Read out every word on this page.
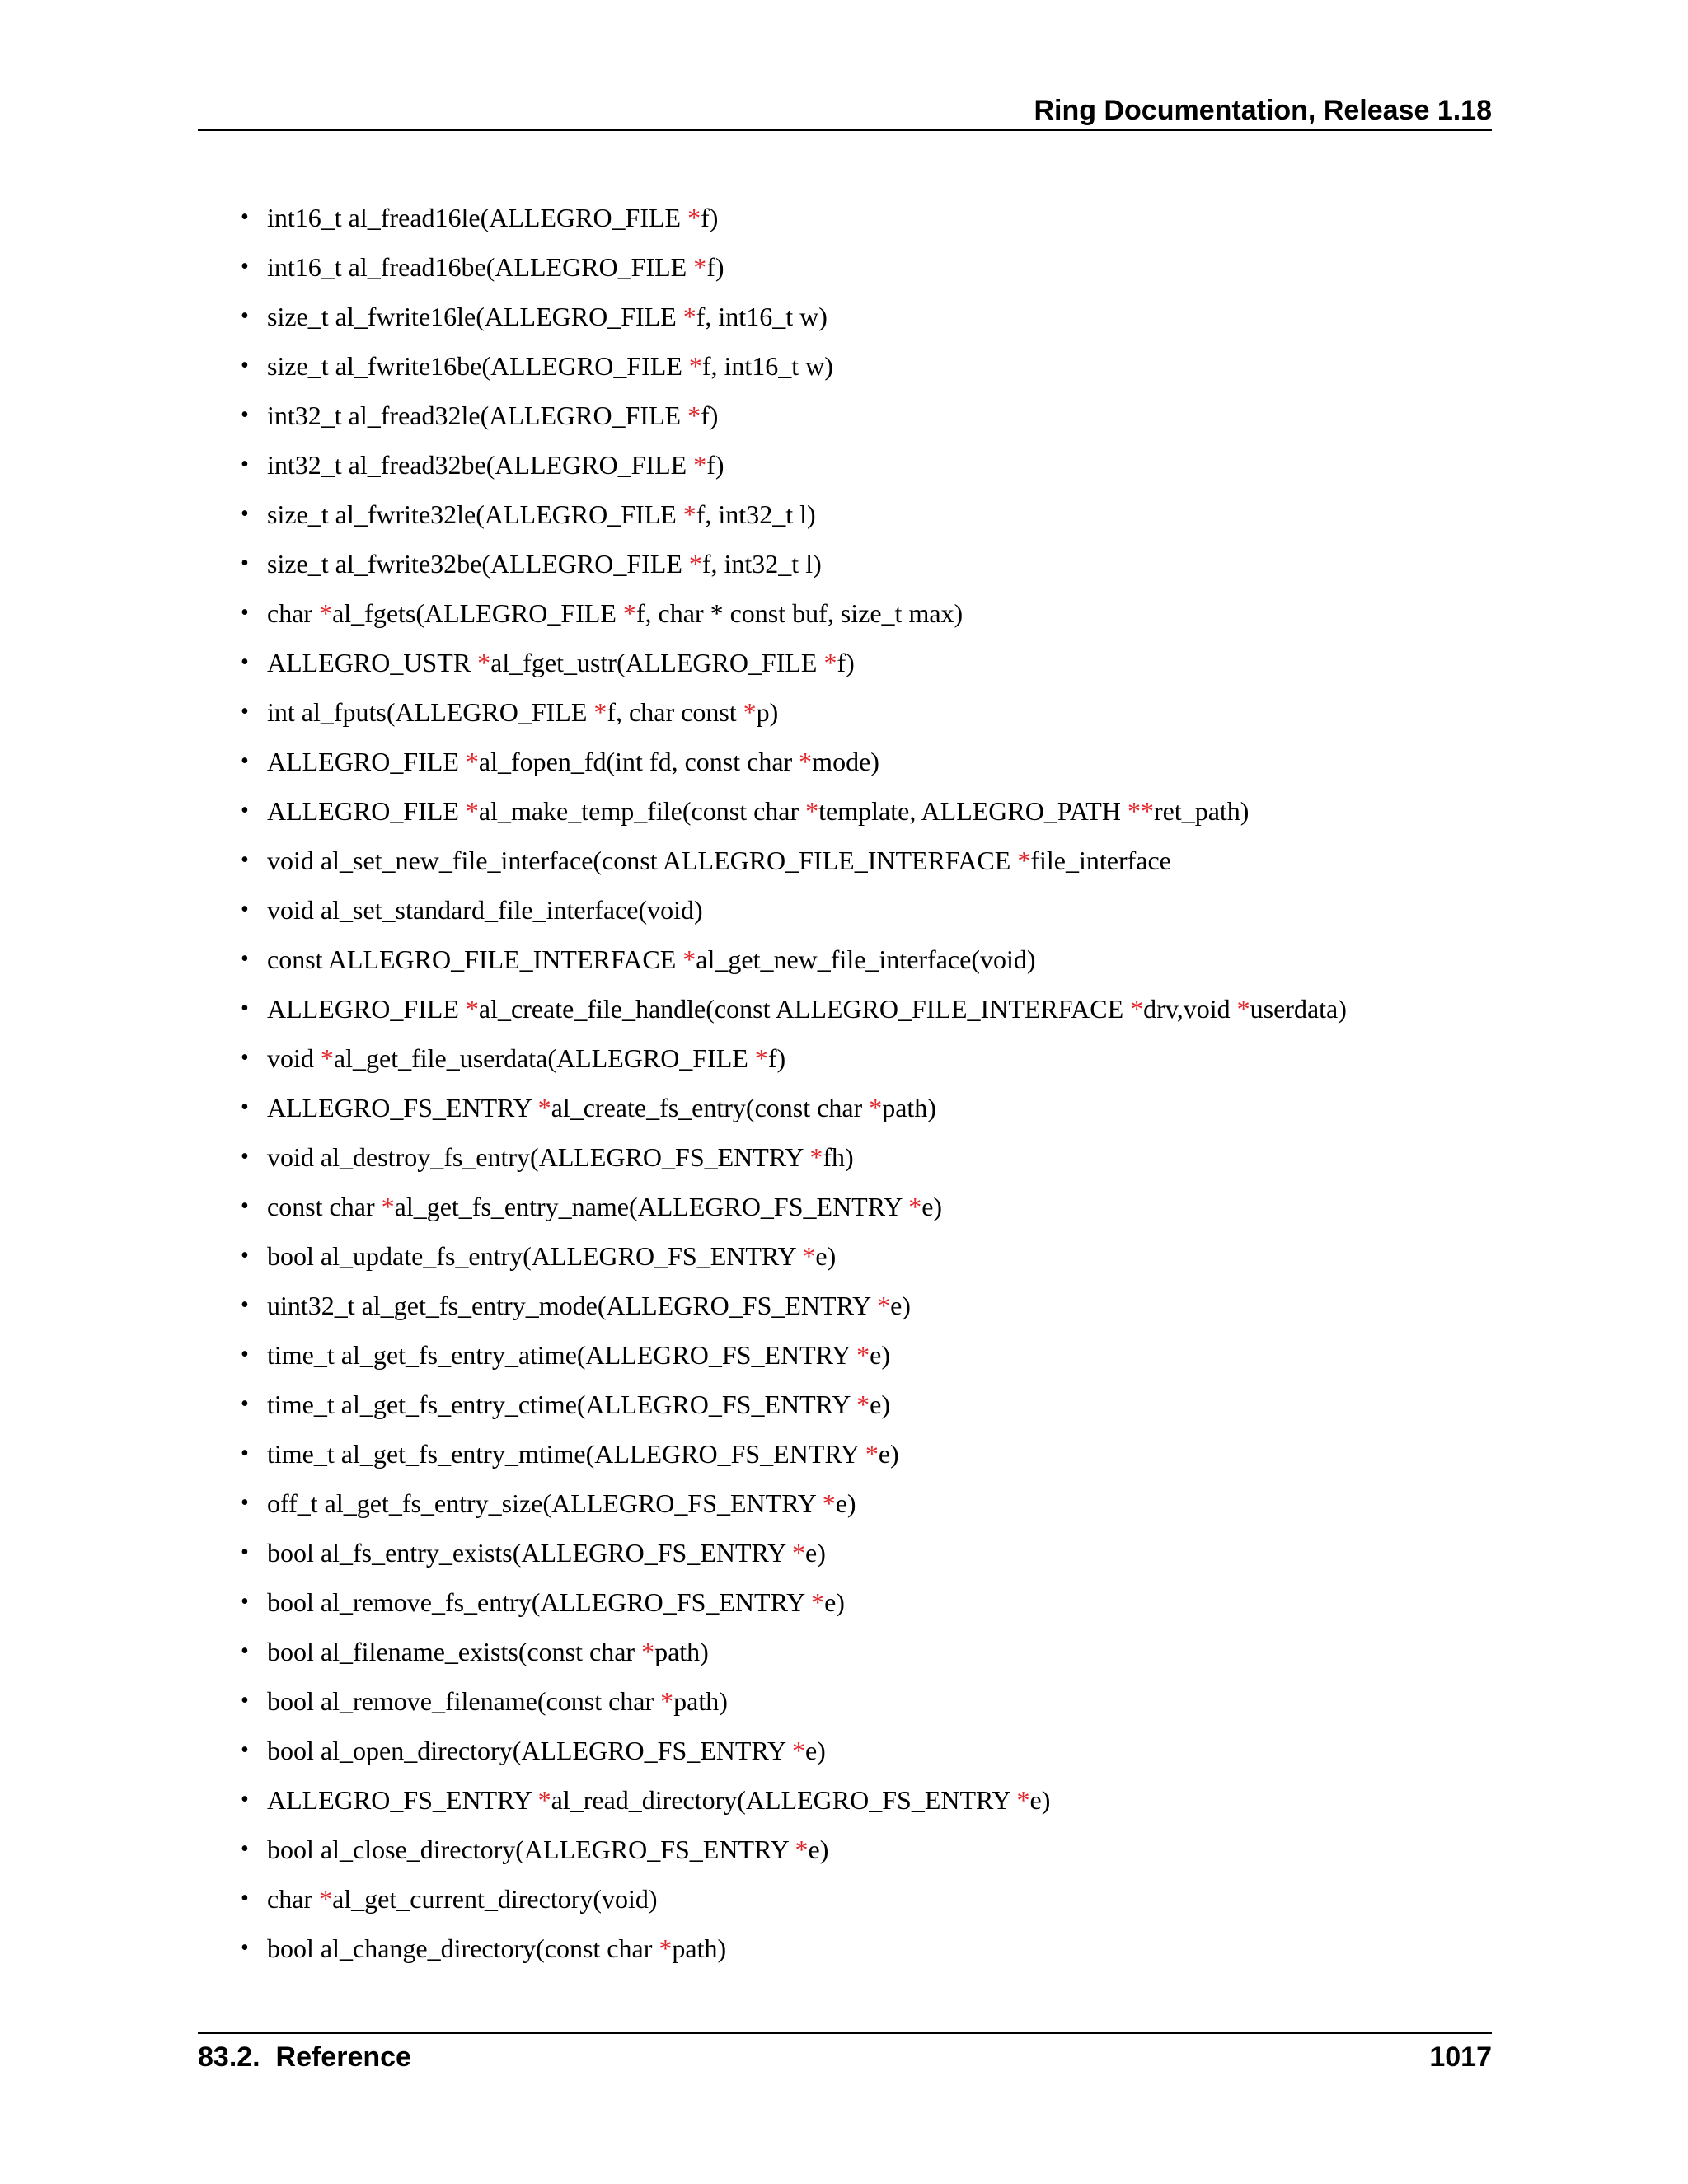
Ring Documentation, Release 1.18
• int16_t al_fread16le(ALLEGRO_FILE *f)
• int16_t al_fread16be(ALLEGRO_FILE *f)
• size_t al_fwrite16le(ALLEGRO_FILE *f, int16_t w)
• size_t al_fwrite16be(ALLEGRO_FILE *f, int16_t w)
• int32_t al_fread32le(ALLEGRO_FILE *f)
• int32_t al_fread32be(ALLEGRO_FILE *f)
• size_t al_fwrite32le(ALLEGRO_FILE *f, int32_t l)
• size_t al_fwrite32be(ALLEGRO_FILE *f, int32_t l)
• char *al_fgets(ALLEGRO_FILE *f, char * const buf, size_t max)
• ALLEGRO_USTR *al_fget_ustr(ALLEGRO_FILE *f)
• int al_fputs(ALLEGRO_FILE *f, char const *p)
• ALLEGRO_FILE *al_fopen_fd(int fd, const char *mode)
• ALLEGRO_FILE *al_make_temp_file(const char *template, ALLEGRO_PATH **ret_path)
• void al_set_new_file_interface(const ALLEGRO_FILE_INTERFACE *file_interface
• void al_set_standard_file_interface(void)
• const ALLEGRO_FILE_INTERFACE *al_get_new_file_interface(void)
• ALLEGRO_FILE *al_create_file_handle(const ALLEGRO_FILE_INTERFACE *drv,void *userdata)
• void *al_get_file_userdata(ALLEGRO_FILE *f)
• ALLEGRO_FS_ENTRY *al_create_fs_entry(const char *path)
• void al_destroy_fs_entry(ALLEGRO_FS_ENTRY *fh)
• const char *al_get_fs_entry_name(ALLEGRO_FS_ENTRY *e)
• bool al_update_fs_entry(ALLEGRO_FS_ENTRY *e)
• uint32_t al_get_fs_entry_mode(ALLEGRO_FS_ENTRY *e)
• time_t al_get_fs_entry_atime(ALLEGRO_FS_ENTRY *e)
• time_t al_get_fs_entry_ctime(ALLEGRO_FS_ENTRY *e)
• time_t al_get_fs_entry_mtime(ALLEGRO_FS_ENTRY *e)
• off_t al_get_fs_entry_size(ALLEGRO_FS_ENTRY *e)
• bool al_fs_entry_exists(ALLEGRO_FS_ENTRY *e)
• bool al_remove_fs_entry(ALLEGRO_FS_ENTRY *e)
• bool al_filename_exists(const char *path)
• bool al_remove_filename(const char *path)
• bool al_open_directory(ALLEGRO_FS_ENTRY *e)
• ALLEGRO_FS_ENTRY *al_read_directory(ALLEGRO_FS_ENTRY *e)
• bool al_close_directory(ALLEGRO_FS_ENTRY *e)
• char *al_get_current_directory(void)
• bool al_change_directory(const char *path)
83.2.  Reference	1017
